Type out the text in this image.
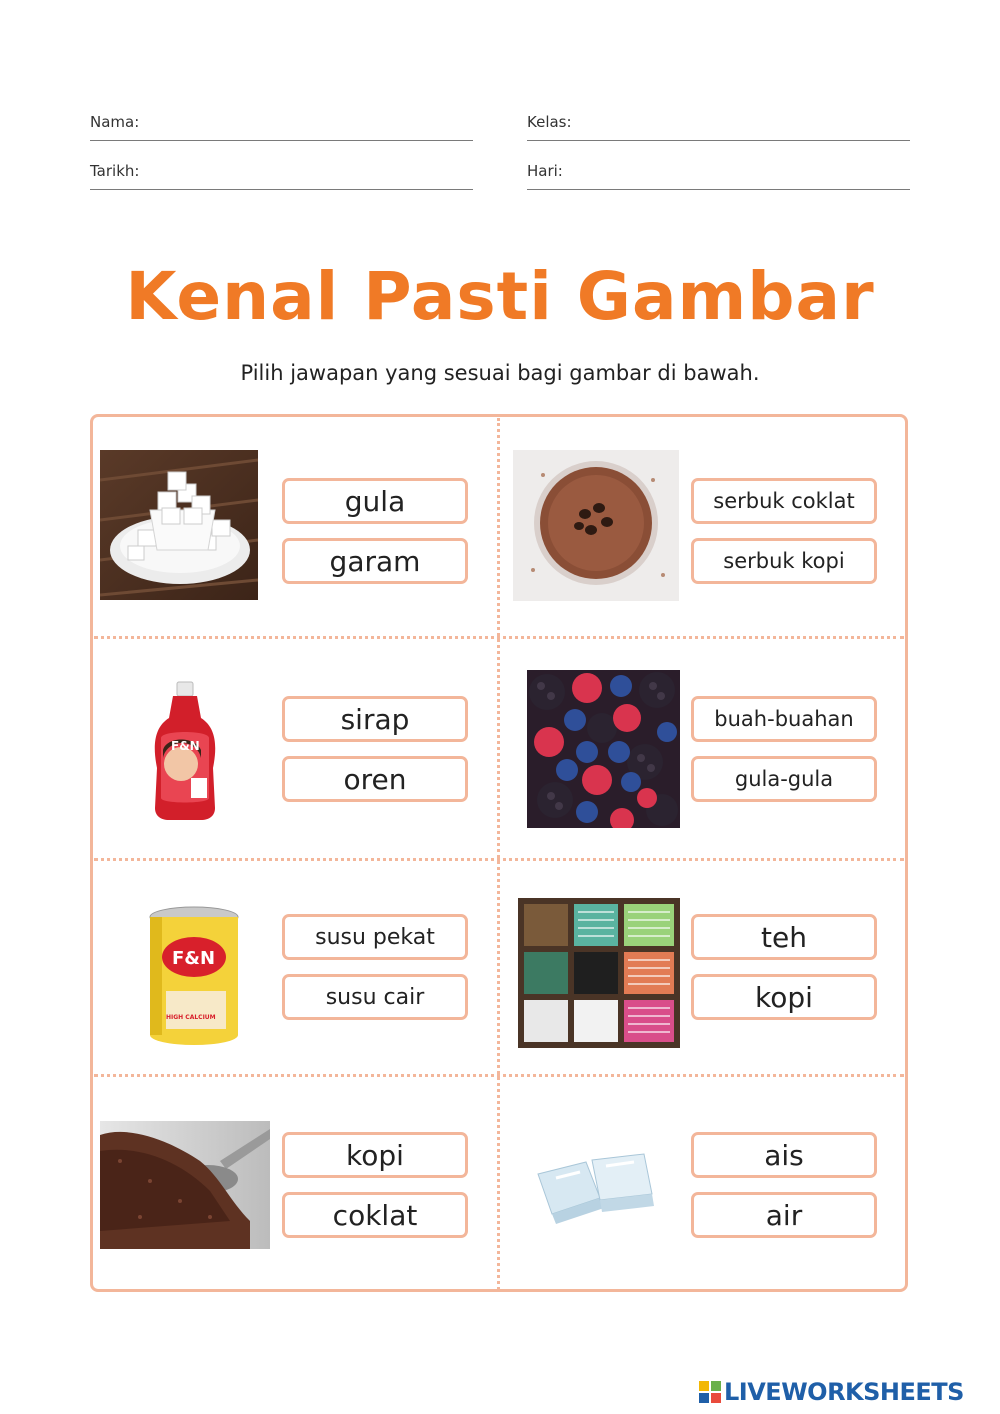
Nama:	Kelas:
Tarikh:	Hari:
Kenal Pasti Gambar

Pilih jawapan yang sesuai bagi gambar di bawah.

gula
garam
serbuk coklat
serbuk kopi
F&N
sirap
oren
buah-buahan
gula-gula
F&N
HIGH CALCIUM
susu pekat
susu cair
teh
kopi
kopi
coklat
ais
air
LIVEWORKSHEETS
